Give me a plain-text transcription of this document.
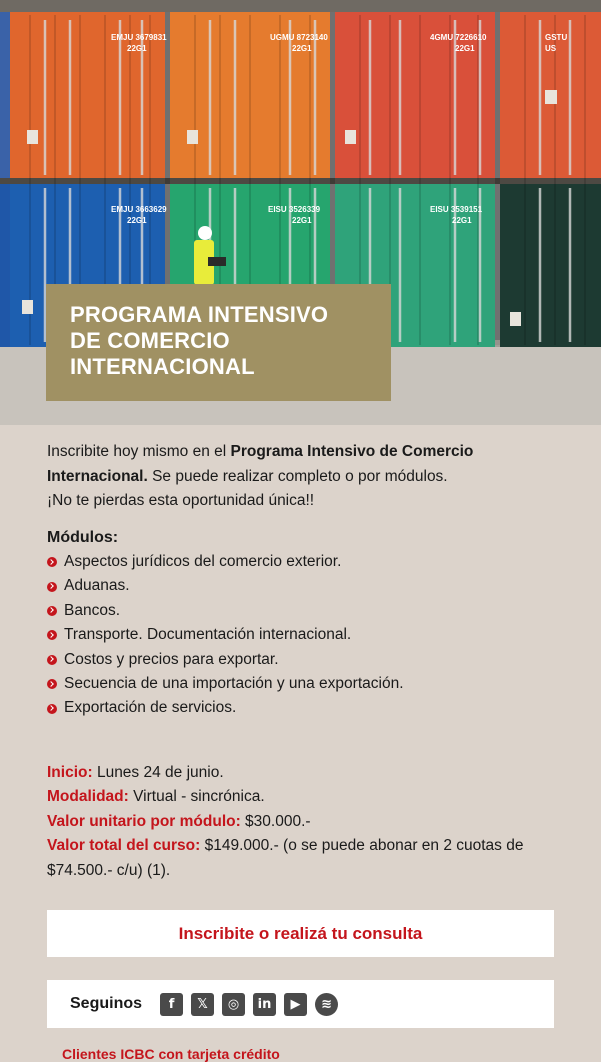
EMJU 3679831
22G1
UGMU 8723140
22G1
4GMU 7226610
22G1
GSTU
US
EMJU 3663629
22G1
EISU 3526339
22G1
EISU 3539151
22G1
PROGRAMA INTENSIVO
DE COMERCIO
INTERNACIONAL

Inscribite hoy mismo en el Programa Intensivo de Comercio Internacional. Se puede realizar completo o por módulos.
¡No te pierdas esta oportunidad única!!

Módulos:
Aspectos jurídicos del comercio exterior.
Aduanas.
Bancos.
Transporte. Documentación internacional.
Costos y precios para exportar.
Secuencia de una importación y una exportación.
Exportación de servicios.
Inicio: Lunes 24 de junio.
Modalidad: Virtual - sincrónica.
Valor unitario por módulo: $30.000.-
Valor total del curso: $149.000.- (o se puede abonar en 2 cuotas de $74.500.- c/u) (1).
Inscribite o realizá tu consulta
Seguinos	f	𝕏	◎	in	▶	≋
Clientes ICBC con tarjeta crédito
